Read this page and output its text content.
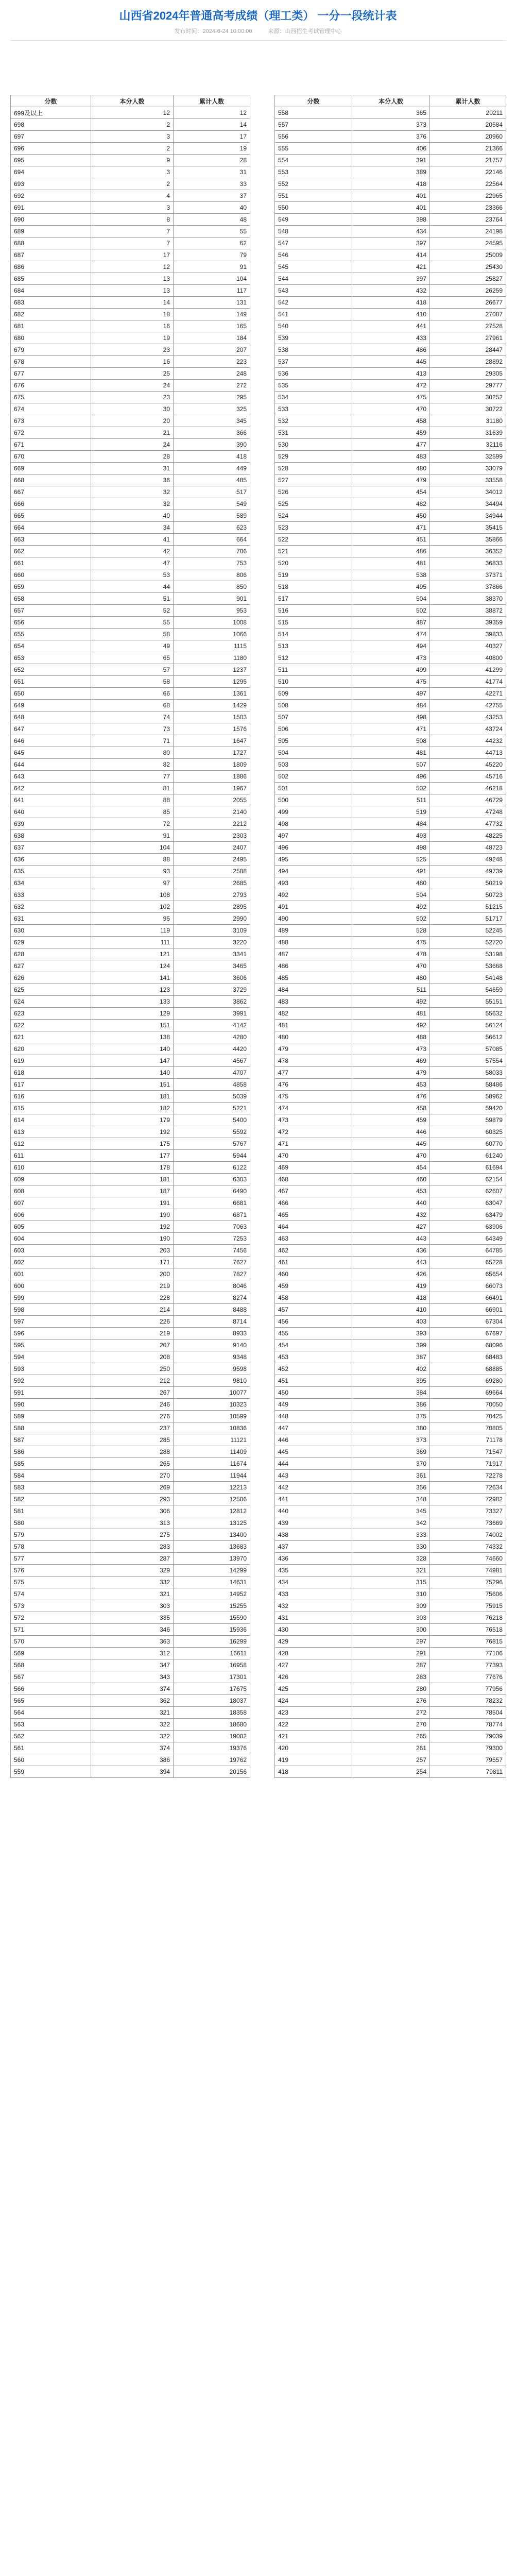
山西省2024年普通高考成绩（理工类） 一分一段统计表
发布时间：2024-6-24 10:00:00	来源：山西招生考试管理中心
分数	本分人数	累计人数
699及以上	12	12
698	2	14
697	3	17
696	2	19
695	9	28
694	3	31
693	2	33
692	4	37
691	3	40
690	8	48
689	7	55
688	7	62
687	17	79
686	12	91
685	13	104
684	13	117
683	14	131
682	18	149
681	16	165
680	19	184
679	23	207
678	16	223
677	25	248
676	24	272
675	23	295
674	30	325
673	20	345
672	21	366
671	24	390
670	28	418
669	31	449
668	36	485
667	32	517
666	32	549
665	40	589
664	34	623
663	41	664
662	42	706
661	47	753
660	53	806
659	44	850
658	51	901
657	52	953
656	55	1008
655	58	1066
654	49	1115
653	65	1180
652	57	1237
651	58	1295
650	66	1361
649	68	1429
648	74	1503
647	73	1576
646	71	1647
645	80	1727
644	82	1809
643	77	1886
642	81	1967
641	88	2055
640	85	2140
639	72	2212
638	91	2303
637	104	2407
636	88	2495
635	93	2588
634	97	2685
633	108	2793
632	102	2895
631	95	2990
630	119	3109
629	111	3220
628	121	3341
627	124	3465
626	141	3606
625	123	3729
624	133	3862
623	129	3991
622	151	4142
621	138	4280
620	140	4420
619	147	4567
618	140	4707
617	151	4858
616	181	5039
615	182	5221
614	179	5400
613	192	5592
612	175	5767
611	177	5944
610	178	6122
609	181	6303
608	187	6490
607	191	6681
606	190	6871
605	192	7063
604	190	7253
603	203	7456
602	171	7627
601	200	7827
600	219	8046
599	228	8274
598	214	8488
597	226	8714
596	219	8933
595	207	9140
594	208	9348
593	250	9598
592	212	9810
591	267	10077
590	246	10323
589	276	10599
588	237	10836
587	285	11121
586	288	11409
585	265	11674
584	270	11944
583	269	12213
582	293	12506
581	306	12812
580	313	13125
579	275	13400
578	283	13683
577	287	13970
576	329	14299
575	332	14631
574	321	14952
573	303	15255
572	335	15590
571	346	15936
570	363	16299
569	312	16611
568	347	16958
567	343	17301
566	374	17675
565	362	18037
564	321	18358
563	322	18680
562	322	19002
561	374	19376
560	386	19762
559	394	20156
分数	本分人数	累计人数
558	365	20211
557	373	20584
556	376	20960
555	406	21366
554	391	21757
553	389	22146
552	418	22564
551	401	22965
550	401	23366
549	398	23764
548	434	24198
547	397	24595
546	414	25009
545	421	25430
544	397	25827
543	432	26259
542	418	26677
541	410	27087
540	441	27528
539	433	27961
538	486	28447
537	445	28892
536	413	29305
535	472	29777
534	475	30252
533	470	30722
532	458	31180
531	459	31639
530	477	32116
529	483	32599
528	480	33079
527	479	33558
526	454	34012
525	482	34494
524	450	34944
523	471	35415
522	451	35866
521	486	36352
520	481	36833
519	538	37371
518	495	37866
517	504	38370
516	502	38872
515	487	39359
514	474	39833
513	494	40327
512	473	40800
511	499	41299
510	475	41774
509	497	42271
508	484	42755
507	498	43253
506	471	43724
505	508	44232
504	481	44713
503	507	45220
502	496	45716
501	502	46218
500	511	46729
499	519	47248
498	484	47732
497	493	48225
496	498	48723
495	525	49248
494	491	49739
493	480	50219
492	504	50723
491	492	51215
490	502	51717
489	528	52245
488	475	52720
487	478	53198
486	470	53668
485	480	54148
484	511	54659
483	492	55151
482	481	55632
481	492	56124
480	488	56612
479	473	57085
478	469	57554
477	479	58033
476	453	58486
475	476	58962
474	458	59420
473	459	59879
472	446	60325
471	445	60770
470	470	61240
469	454	61694
468	460	62154
467	453	62607
466	440	63047
465	432	63479
464	427	63906
463	443	64349
462	436	64785
461	443	65228
460	426	65654
459	419	66073
458	418	66491
457	410	66901
456	403	67304
455	393	67697
454	399	68096
453	387	68483
452	402	68885
451	395	69280
450	384	69664
449	386	70050
448	375	70425
447	380	70805
446	373	71178
445	369	71547
444	370	71917
443	361	72278
442	356	72634
441	348	72982
440	345	73327
439	342	73669
438	333	74002
437	330	74332
436	328	74660
435	321	74981
434	315	75296
433	310	75606
432	309	75915
431	303	76218
430	300	76518
429	297	76815
428	291	77106
427	287	77393
426	283	77676
425	280	77956
424	276	78232
423	272	78504
422	270	78774
421	265	79039
420	261	79300
419	257	79557
418	254	79811
